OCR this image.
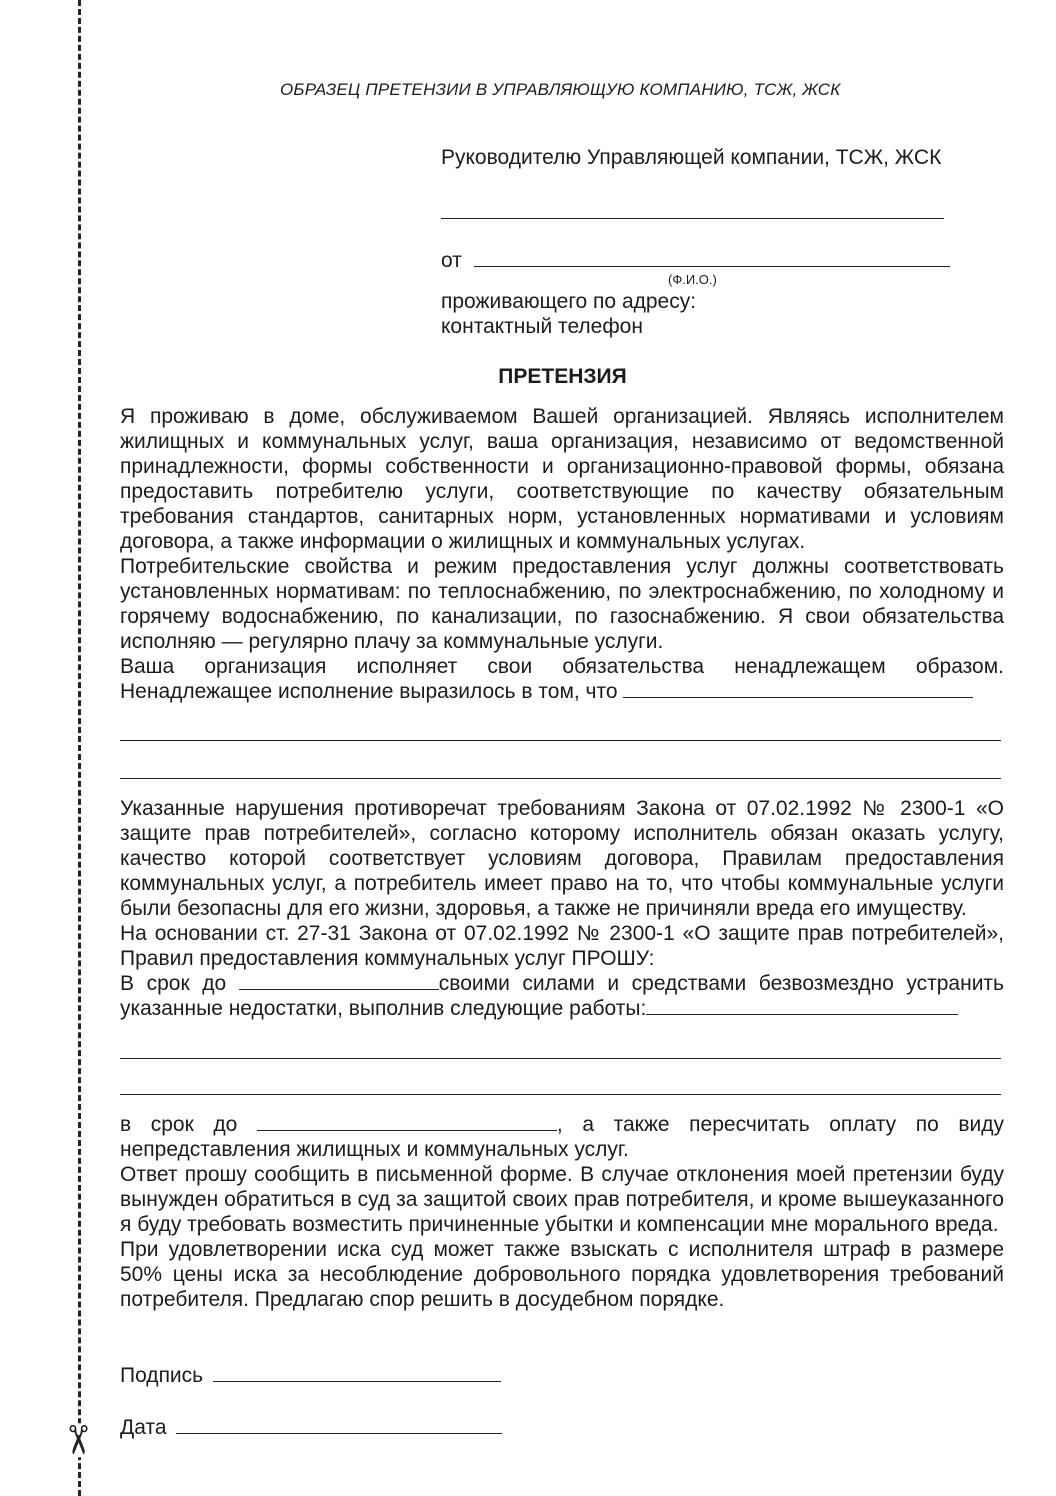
✂
ОБРАЗЕЦ ПРЕТЕНЗИИ В УПРАВЛЯЮЩУЮ КОМПАНИЮ, ТСЖ, ЖСК
Руководителю Управляющей компании, ТСЖ, ЖСК
от
(Ф.И.О.)
проживающего по адресу:
контактный телефон
ПРЕТЕНЗИЯ

Я проживаю в доме, обслуживаемом Вашей организацией. Являясь исполнителем жилищных и коммунальных услуг, ваша организация, независимо от ведомственной принадлежности, формы собственности и организационно-правовой формы, обязана предоставить потребителю услуги, соответствующие по качеству обязательным требования стандартов, санитарных норм, установленных нормативами и условиям договора, а также информации о жилищных и коммунальных услугах.

Потребительские свойства и режим предоставления услуг должны соответствовать установленных нормативам: по теплоснабжению, по электроснабжению, по холодному и горячему водоснабжению, по канализации, по газоснабжению. Я свои обязательства исполняю — регулярно плачу за коммунальные услуги.

Ваша организация исполняет свои обязательства ненадлежащем образом.

Ненадлежащее исполнение выразилось в том, что

Указанные нарушения противоречат требованиям Закона от 07.02.1992 № 2300-1 «О защите прав потребителей», согласно которому исполнитель обязан оказать услугу, качество которой соответствует условиям договора, Правилам предоставления коммунальных услуг, а потребитель имеет право на то, что чтобы коммунальные услуги были безопасны для его жизни, здоровья, а также не причиняли вреда его имуществу.

На основании ст. 27-31 Закона от 07.02.1992 № 2300-1 «О защите прав потребителей», Правил предоставления коммунальных услуг ПРОШУ:

В срок до	своими силами и средствами безвозмездно устранить

указанные недостатки, выполнив следующие работы:

в срок до	, а также пересчитать оплату по виду

непредставления жилищных и коммунальных услуг.

Ответ прошу сообщить в письменной форме. В случае отклонения моей претензии буду вынужден обратиться в суд за защитой своих прав потребителя, и кроме вышеуказанного я буду требовать возместить причиненные убытки и компенсации мне морального вреда.

При удовлетворении иска суд может также взыскать с исполнителя штраф в размере 50% цены иска за несоблюдение добровольного порядка удовлетворения требований потребителя. Предлагаю спор решить в досудебном порядке.

Подпись
Дата
